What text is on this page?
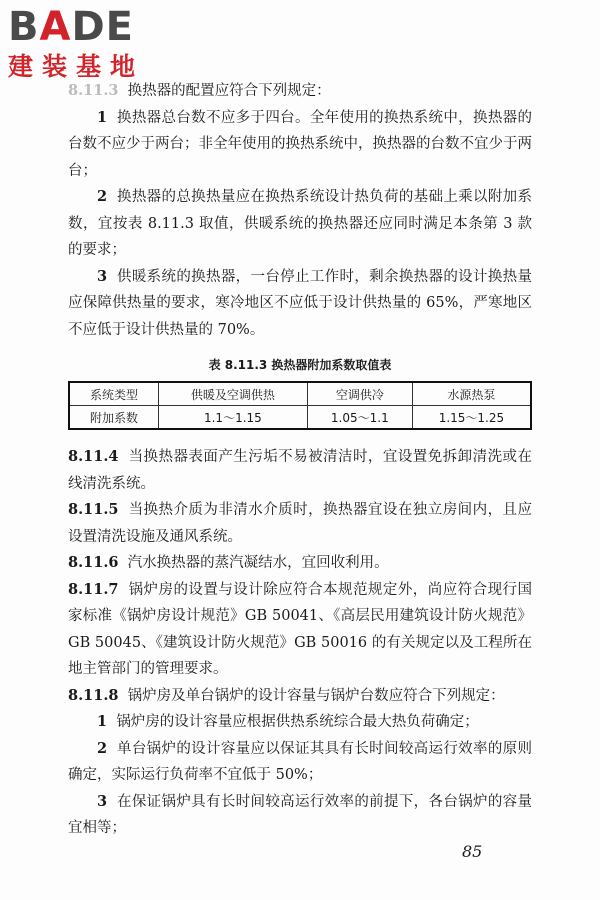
BADE
建装基地

8.11.3 换热器的配置应符合下列规定：

1 换热器总台数不应多于四台。全年使用的换热系统中，换热器的台数不应少于两台；非全年使用的换热系统中，换热器的台数不宜少于两台；

2 换热器的总换热量应在换热系统设计热负荷的基础上乘以附加系数，宜按表 8.11.3 取值，供暖系统的换热器还应同时满足本条第 3 款的要求；

3 供暖系统的换热器，一台停止工作时，剩余换热器的设计换热量应保障供热量的要求，寒冷地区不应低于设计供热量的 65%，严寒地区不应低于设计供热量的 70%。

表 8.11.3 换热器附加系数取值表
系统类型	供暖及空调供热	空调供冷	水源热泵
附加系数	1.1～1.15	1.05～1.1	1.15～1.25

8.11.4 当换热器表面产生污垢不易被清洁时，宜设置免拆卸清洗或在线清洗系统。

8.11.5 当换热介质为非清水介质时，换热器宜设在独立房间内，且应设置清洗设施及通风系统。

8.11.6 汽水换热器的蒸汽凝结水，宜回收利用。

8.11.7 锅炉房的设置与设计除应符合本规范规定外，尚应符合现行国家标准《锅炉房设计规范》GB 50041、《高层民用建筑设计防火规范》GB 50045、《建筑设计防火规范》GB 50016 的有关规定以及工程所在地主管部门的管理要求。

8.11.8 锅炉房及单台锅炉的设计容量与锅炉台数应符合下列规定：

1 锅炉房的设计容量应根据供热系统综合最大热负荷确定；

2 单台锅炉的设计容量应以保证其具有长时间较高运行效率的原则确定，实际运行负荷率不宜低于 50%；

3 在保证锅炉具有长时间较高运行效率的前提下，各台锅炉的容量宜相等；

85
